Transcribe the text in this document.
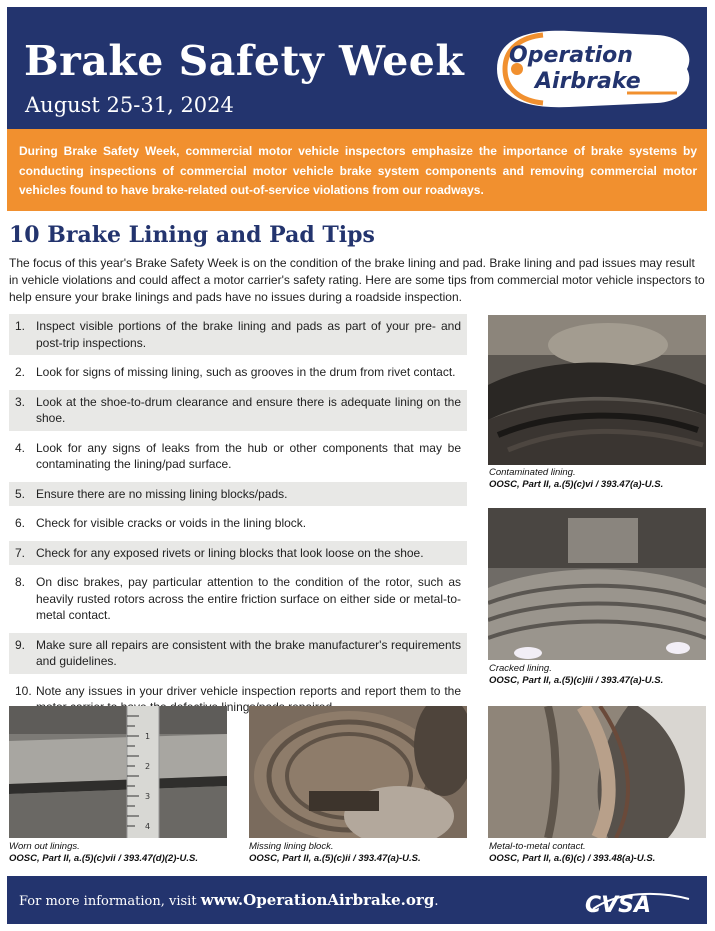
Brake Safety Week
August 25-31, 2024
Operation
Airbrake

During Brake Safety Week, commercial motor vehicle inspectors emphasize the importance of brake systems by conducting inspections of commercial motor vehicle brake system components and removing commercial motor vehicles found to have brake-related out-of-service violations from our roadways.

10 Brake Lining and Pad Tips

The focus of this year's Brake Safety Week is on the condition of the brake lining and pad. Brake lining and pad issues may result in vehicle violations and could affect a motor carrier's safety rating. Here are some tips from commercial motor vehicle inspectors to help ensure your brake linings and pads have no issues during a roadside inspection.

1. Inspect visible portions of the brake lining and pads as part of your pre- and post-trip inspections.
2. Look for signs of missing lining, such as grooves in the drum from rivet contact.
3. Look at the shoe-to-drum clearance and ensure there is adequate lining on the shoe.
4. Look for any signs of leaks from the hub or other components that may be contaminating the lining/pad surface.
5. Ensure there are no missing lining blocks/pads.
6. Check for visible cracks or voids in the lining block.
7. Check for any exposed rivets or lining blocks that look loose on the shoe.
8. On disc brakes, pay particular attention to the condition of the rotor, such as heavily rusted rotors across the entire friction surface on either side or metal-to-metal contact.
9. Make sure all repairs are consistent with the brake manufacturer's requirements and guidelines.
10. Note any issues in your driver vehicle inspection reports and report them to the
Contaminated lining.
OOSC, Part II, a.(5)(c)vi / 393.47(a)-U.S.
Cracked lining.
OOSC, Part II, a.(5)(c)iii / 393.47(a)-U.S.
1
2
3
4
Worn out linings.
OOSC, Part II, a.(5)(c)vii / 393.47(d)(2)-U.S.
Missing lining block.
OOSC, Part II, a.(5)(c)ii / 393.47(a)-U.S.
Metal-to-metal contact.
OOSC, Part II, a.(6)(c) / 393.48(a)-U.S.
For more information, visit www.OperationAirbrake.org.	CVSA
